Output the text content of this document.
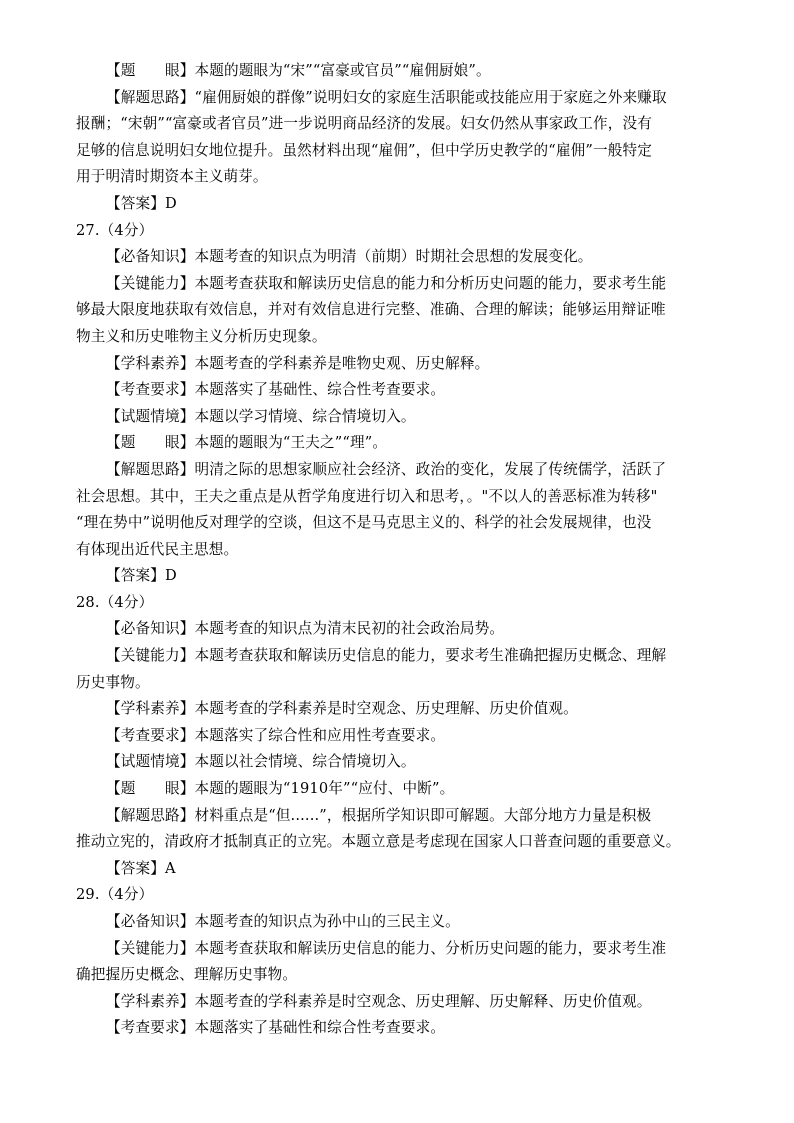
【题　　眼】本题的题眼为“宋”“富豪或官员”“雇佣厨娘”。
【解题思路】“雇佣厨娘的群像”说明妇女的家庭生活职能或技能应用于家庭之外来赚取
报酬；“宋朝”“富豪或者官员”进一步说明商品经济的发展。妇女仍然从事家政工作，没有
足够的信息说明妇女地位提升。虽然材料出现“雇佣”，但中学历史教学的“雇佣”一般特定
用于明清时期资本主义萌芽。
【答案】D
27.（4分）
【必备知识】本题考查的知识点为明清（前期）时期社会思想的发展变化。
【关键能力】本题考查获取和解读历史信息的能力和分析历史问题的能力，要求考生能
够最大限度地获取有效信息，并对有效信息进行完整、准确、合理的解读；能够运用辩证唯
物主义和历史唯物主义分析历史现象。
【学科素养】本题考查的学科素养是唯物史观、历史解释。
【考查要求】本题落实了基础性、综合性考查要求。
【试题情境】本题以学习情境、综合情境切入。
【题　　眼】本题的题眼为“王夫之”“理”。
【解题思路】明清之际的思想家顺应社会经济、政治的变化，发展了传统儒学，活跃了
社会思想。其中，王夫之重点是从哲学角度进行切入和思考，。"不以人的善恶标准为转移"
“理在势中”说明他反对理学的空谈，但这不是马克思主义的、科学的社会发展规律，也没
有体现出近代民主思想。
【答案】D
28.（4分）
【必备知识】本题考查的知识点为清末民初的社会政治局势。
【关键能力】本题考查获取和解读历史信息的能力，要求考生准确把握历史概念、理解
历史事物。
【学科素养】本题考查的学科素养是时空观念、历史理解、历史价值观。
【考查要求】本题落实了综合性和应用性考查要求。
【试题情境】本题以社会情境、综合情境切入。
【题　　眼】本题的题眼为“1910年”“应付、中断”。
【解题思路】材料重点是“但......”，根据所学知识即可解题。大部分地方力量是积极
推动立宪的，清政府才抵制真正的立宪。本题立意是考虑现在国家人口普查问题的重要意义。
【答案】A
29.（4分）
【必备知识】本题考查的知识点为孙中山的三民主义。
【关键能力】本题考查获取和解读历史信息的能力、分析历史问题的能力，要求考生准
确把握历史概念、理解历史事物。
【学科素养】本题考查的学科素养是时空观念、历史理解、历史解释、历史价值观。
【考查要求】本题落实了基础性和综合性考查要求。
